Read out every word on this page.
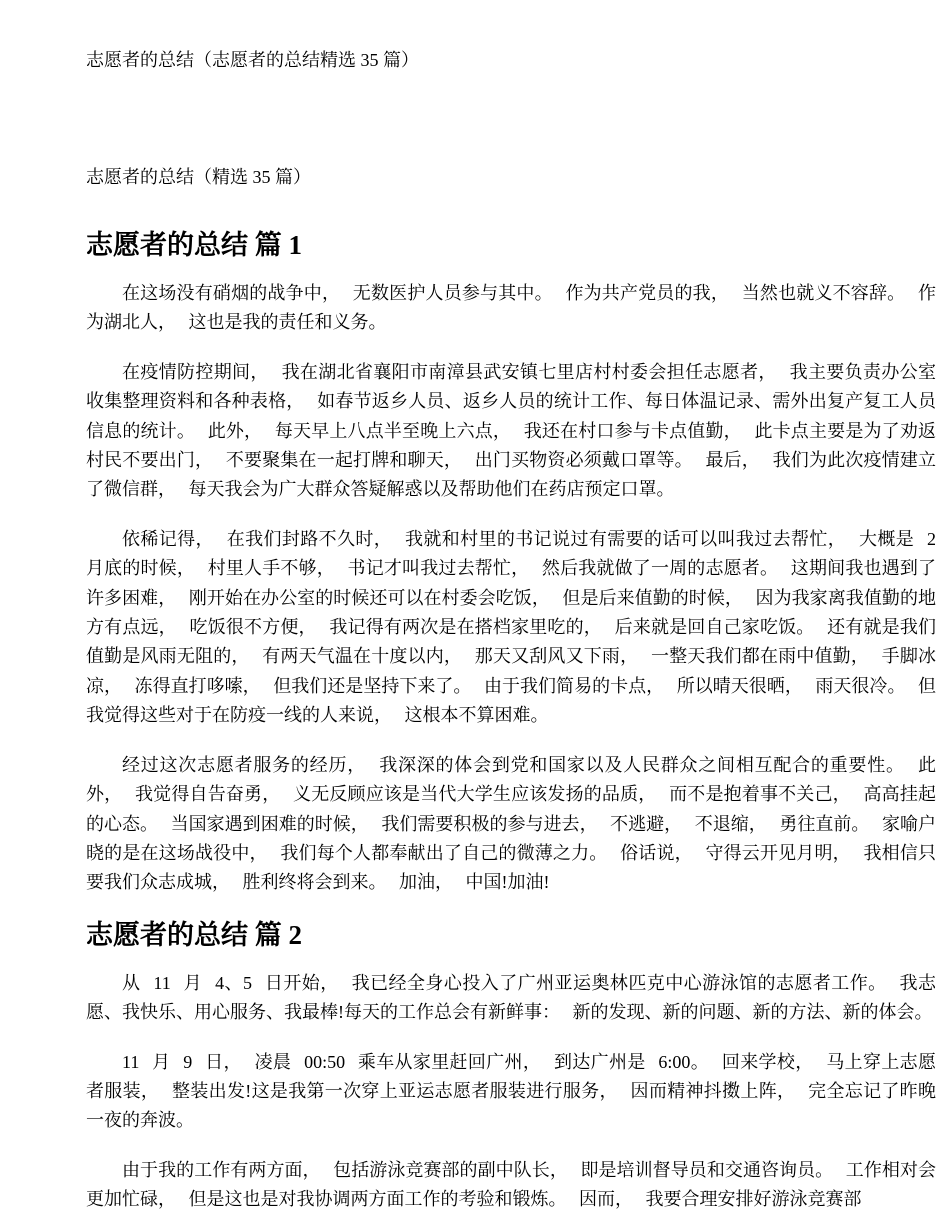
志愿者的总结（志愿者的总结精选 35 篇）
志愿者的总结（精选 35 篇）
志愿者的总结 篇 1

在这场没有硝烟的战争中， 无数医护人员参与其中。 作为共产党员的我， 当然也就义不容辞。 作为湖北人， 这也是我的责任和义务。

在疫情防控期间， 我在湖北省襄阳市南漳县武安镇七里店村村委会担任志愿者， 我主要负责办公室收集整理资料和各种表格， 如春节返乡人员、返乡人员的统计工作、每日体温记录、需外出复产复工人员信息的统计。 此外， 每天早上八点半至晚上六点， 我还在村口参与卡点值勤， 此卡点主要是为了劝返村民不要出门， 不要聚集在一起打牌和聊天， 出门买物资必须戴口罩等。 最后， 我们为此次疫情建立了微信群， 每天我会为广大群众答疑解惑以及帮助他们在药店预定口罩。

依稀记得， 在我们封路不久时， 我就和村里的书记说过有需要的话可以叫我过去帮忙， 大概是 2 月底的时候， 村里人手不够， 书记才叫我过去帮忙， 然后我就做了一周的志愿者。 这期间我也遇到了许多困难， 刚开始在办公室的时候还可以在村委会吃饭， 但是后来值勤的时候， 因为我家离我值勤的地方有点远， 吃饭很不方便， 我记得有两次是在搭档家里吃的， 后来就是回自己家吃饭。 还有就是我们值勤是风雨无阻的， 有两天气温在十度以内， 那天又刮风又下雨， 一整天我们都在雨中值勤， 手脚冰凉， 冻得直打哆嗦， 但我们还是坚持下来了。 由于我们简易的卡点， 所以晴天很晒， 雨天很冷。 但我觉得这些对于在防疫一线的人来说， 这根本不算困难。

经过这次志愿者服务的经历， 我深深的体会到党和国家以及人民群众之间相互配合的重要性。 此外， 我觉得自告奋勇， 义无反顾应该是当代大学生应该发扬的品质， 而不是抱着事不关己， 高高挂起的心态。 当国家遇到困难的时候， 我们需要积极的参与进去， 不逃避， 不退缩， 勇往直前。 家喻户晓的是在这场战役中， 我们每个人都奉献出了自己的微薄之力。 俗话说， 守得云开见月明， 我相信只要我们众志成城， 胜利终将会到来。 加油， 中国!加油!

志愿者的总结 篇 2

从 11 月 4、5 日开始， 我已经全身心投入了广州亚运奥林匹克中心游泳馆的志愿者工作。 我志愿、我快乐、用心服务、我最棒!每天的工作总会有新鲜事： 新的发现、新的问题、新的方法、新的体会。

11 月 9 日， 凌晨 00:50 乘车从家里赶回广州， 到达广州是 6:00。 回来学校， 马上穿上志愿者服装， 整装出发!这是我第一次穿上亚运志愿者服装进行服务， 因而精神抖擞上阵， 完全忘记了昨晚一夜的奔波。

由于我的工作有两方面， 包括游泳竞赛部的副中队长， 即是培训督导员和交通咨询员。 工作相对会更加忙碌， 但是这也是对我协调两方面工作的考验和锻炼。 因而， 我要合理安排好游泳竞赛部
